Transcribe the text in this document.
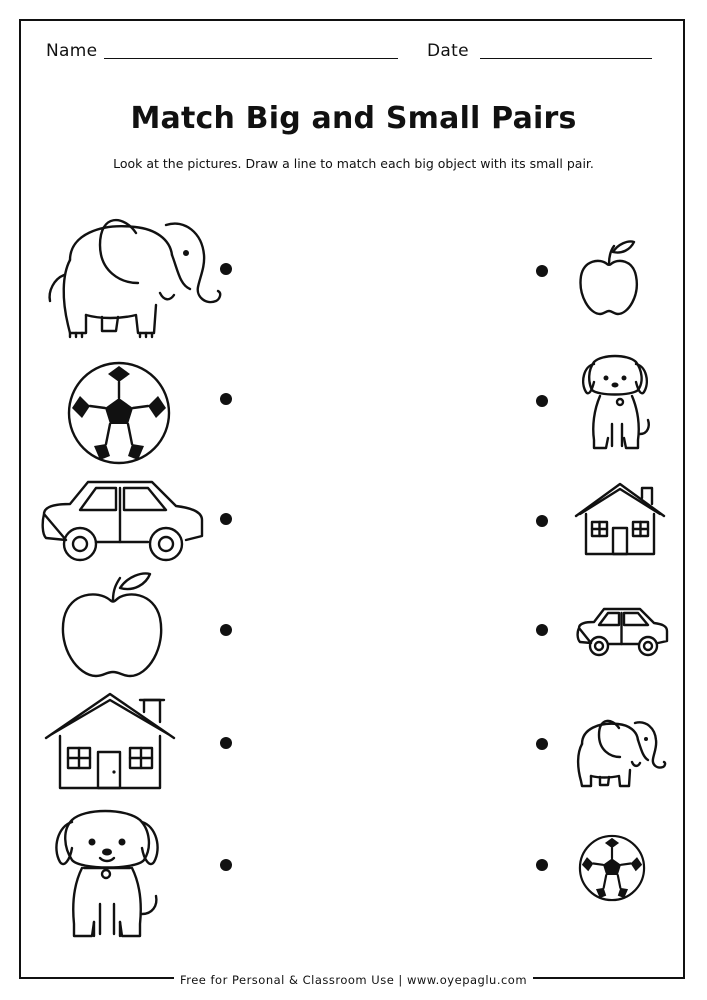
Name	Date
Match Big and Small Pairs
Look at the pictures. Draw a line to match each big object with its small pair.
Free for Personal & Classroom Use | www.oyepaglu.com
